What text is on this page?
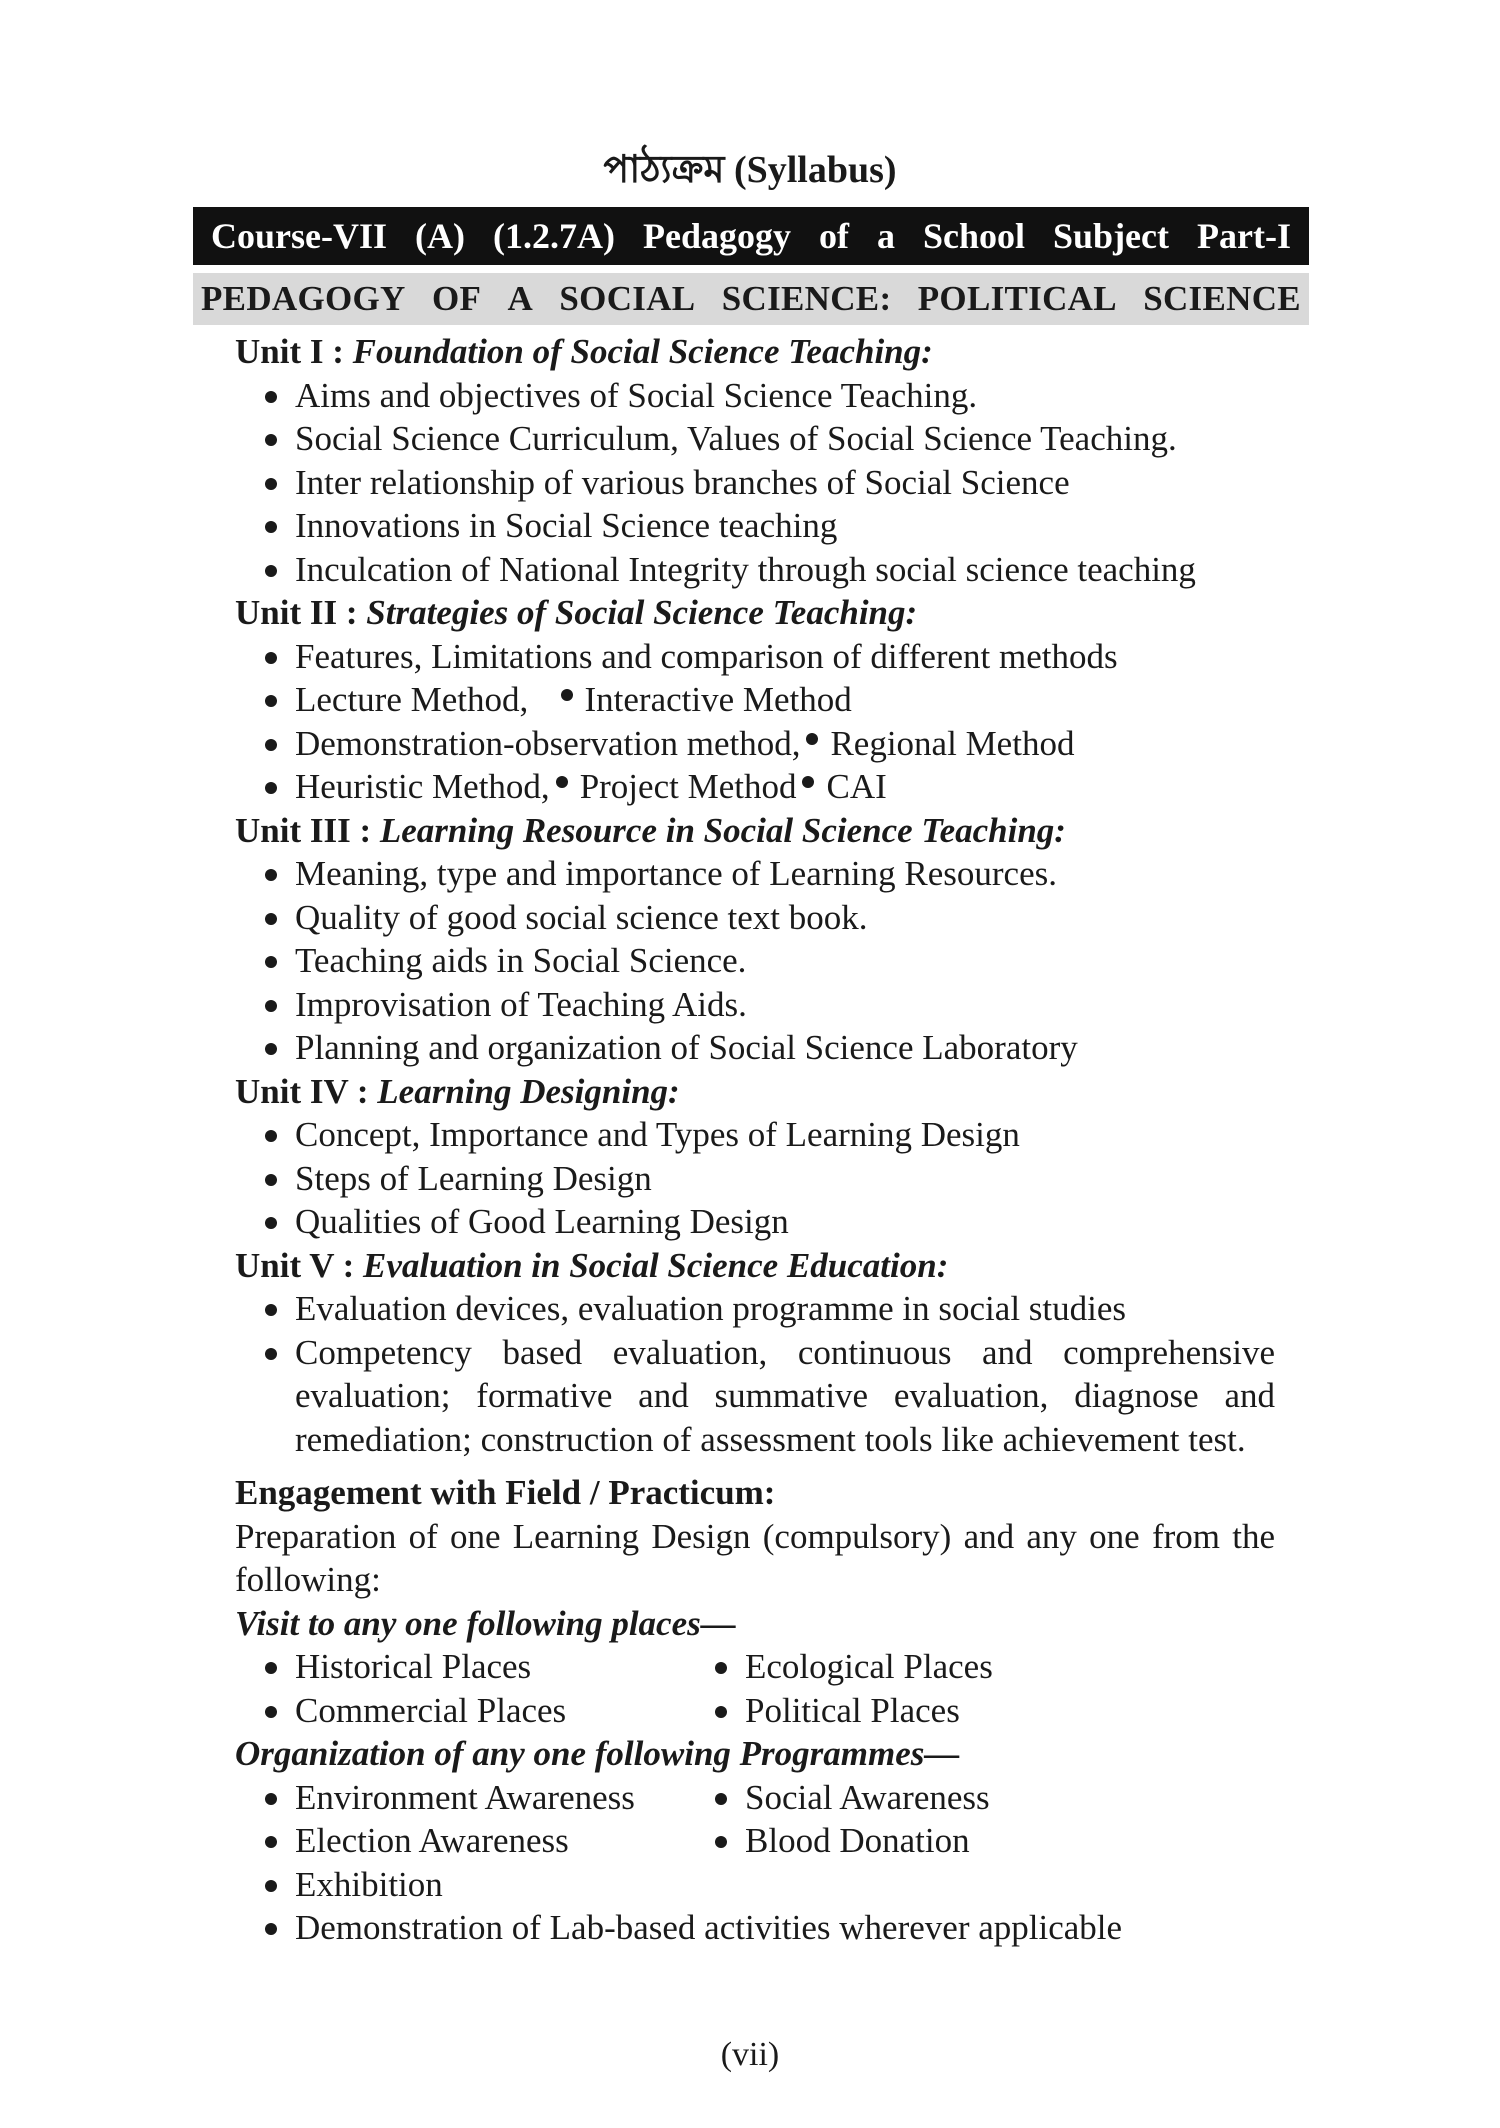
পাঠ্যক্রম (Syllabus)
Course-VII (A) (1.2.7A) Pedagogy of a School Subject Part-I
PEDAGOGY OF A SOCIAL SCIENCE: POLITICAL SCIENCE
Unit I : Foundation of Social Science Teaching:
Aims and objectives of Social Science Teaching.
Social Science Curriculum, Values of Social Science Teaching.
Inter relationship of various branches of Social Science
Innovations in Social Science teaching
Inculcation of National Integrity through social science teaching
Unit II : Strategies of Social Science Teaching:
Features, Limitations and comparison of different methods
Lecture Method, Interactive Method
Demonstration-observation method, Regional Method
Heuristic Method, Project Method CAI
Unit III : Learning Resource in Social Science Teaching:
Meaning, type and importance of Learning Resources.
Quality of good social science text book.
Teaching aids in Social Science.
Improvisation of Teaching Aids.
Planning and organization of Social Science Laboratory
Unit IV : Learning Designing:
Concept, Importance and Types of Learning Design
Steps of Learning Design
Qualities of Good Learning Design
Unit V : Evaluation in Social Science Education:
Evaluation devices, evaluation programme in social studies
Competency based evaluation, continuous and comprehensive evaluation; formative and summative evaluation, diagnose and remediation; construction of assessment tools like achievement test.
Engagement with Field / Practicum:
Preparation of one Learning Design (compulsory) and any one from the following:
Visit to any one following places—
Historical Places	Ecological Places
Commercial Places	Political Places
Organization of any one following Programmes—
Environment Awareness	Social Awareness
Election Awareness	Blood Donation
Exhibition
Demonstration of Lab-based activities wherever applicable
(vii)
